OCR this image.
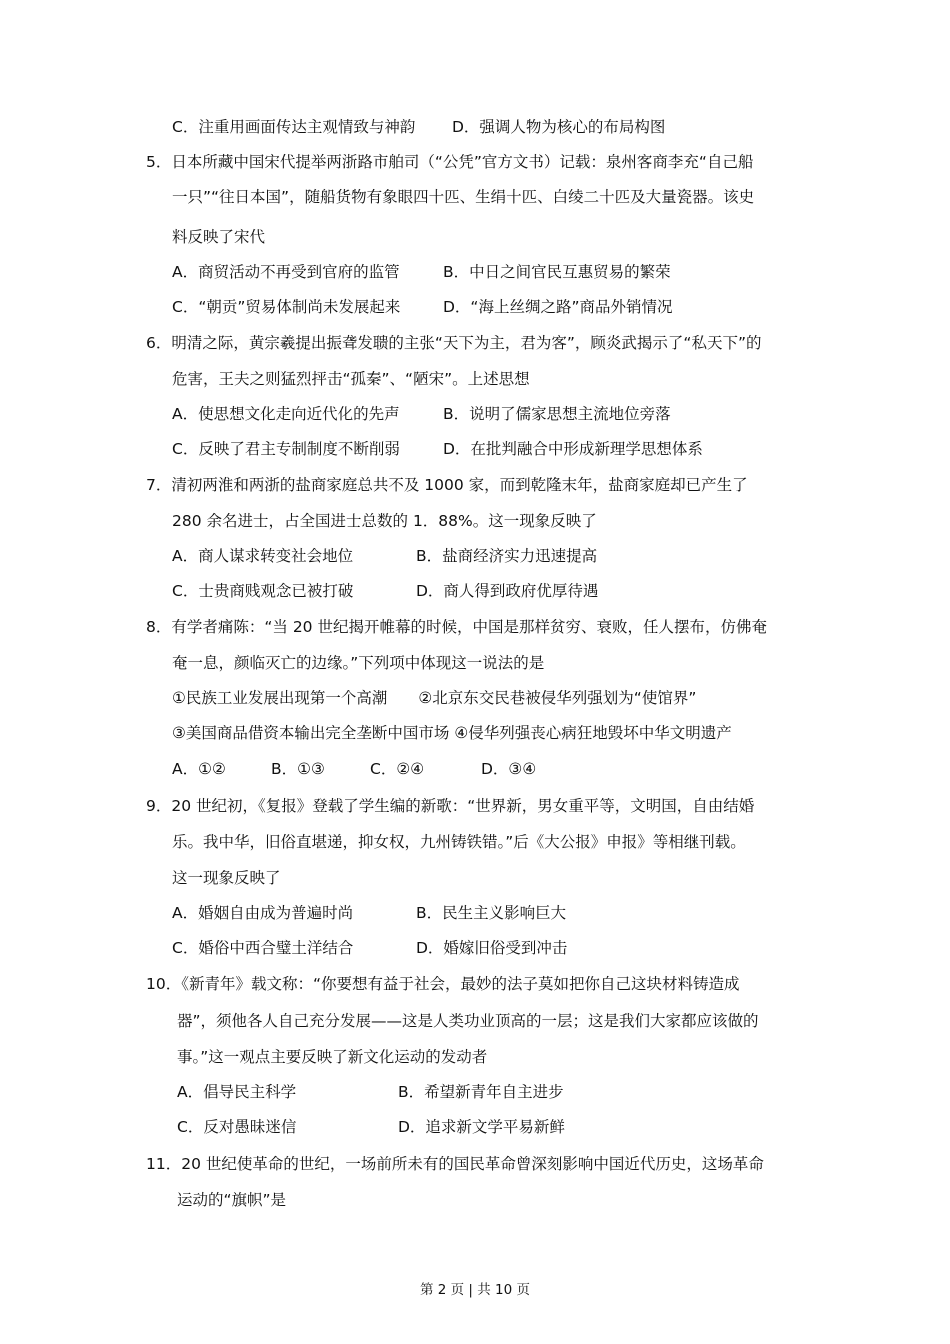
C．注重用画面传达主观情致与神韵 D．强调人物为核心的布局构图
5．日本所藏中国宋代提举两浙路市舶司（“公凭”官方文书）记载：泉州客商李充“自己船
一只”“往日本国”，随船货物有象眼四十匹、生绢十匹、白绫二十匹及大量瓷器。该史
料反映了宋代
A．商贸活动不再受到官府的监管	B．中日之间官民互惠贸易的繁荣
C．“朝贡”贸易体制尚未发展起来	D．“海上丝绸之路”商品外销情况
6．明清之际，黄宗羲提出振聋发聩的主张“天下为主，君为客”，顾炎武揭示了“私天下”的
危害，王夫之则猛烈抨击“孤秦”、“陋宋”。上述思想
A．使思想文化走向近代化的先声	B．说明了儒家思想主流地位旁落
C．反映了君主专制制度不断削弱	D．在批判融合中形成新理学思想体系
7．清初两淮和两浙的盐商家庭总共不及 1000 家，而到乾隆末年，盐商家庭却已产生了
280 余名进士，占全国进士总数的 1．88%。这一现象反映了
A．商人谋求转变社会地位	B．盐商经济实力迅速提高
C．士贵商贱观念已被打破	D．商人得到政府优厚待遇
8．有学者痛陈：“当 20 世纪揭开帷幕的时候，中国是那样贫穷、衰败，任人摆布，仿佛奄
奄一息，颜临灭亡的边缘。”下列项中体现这一说法的是
①民族工业发展出现第一个高潮　　②北京东交民巷被侵华列强划为“使馆界”
③美国商品借资本输出完全垄断中国市场 ④侵华列强丧心病狂地毁坏中华文明遗产
A．①②	B．①③	C．②④	D．③④
9．20 世纪初，《复报》登载了学生编的新歌：“世界新，男女重平等，文明国，自由结婚
乐。我中华，旧俗直堪递，抑女权，九州铸铁错。”后《大公报》申报》等相继刊载。
这一现象反映了
A．婚姻自由成为普遍时尚	B．民生主义影响巨大
C．婚俗中西合璧土洋结合	D．婚嫁旧俗受到冲击
10．《新青年》载文称：“你要想有益于社会，最妙的法子莫如把你自己这块材料铸造成
器”，须他各人自己充分发展——这是人类功业顶高的一层；这是我们大家都应该做的
事。”这一观点主要反映了新文化运动的发动者
A．倡导民主科学	B．希望新青年自主进步
C．反对愚昧迷信	D．追求新文学平易新鲜
11．20 世纪使革命的世纪，一场前所未有的国民革命曾深刻影响中国近代历史，这场革命
运动的“旗帜”是
第 2 页 | 共 10 页
